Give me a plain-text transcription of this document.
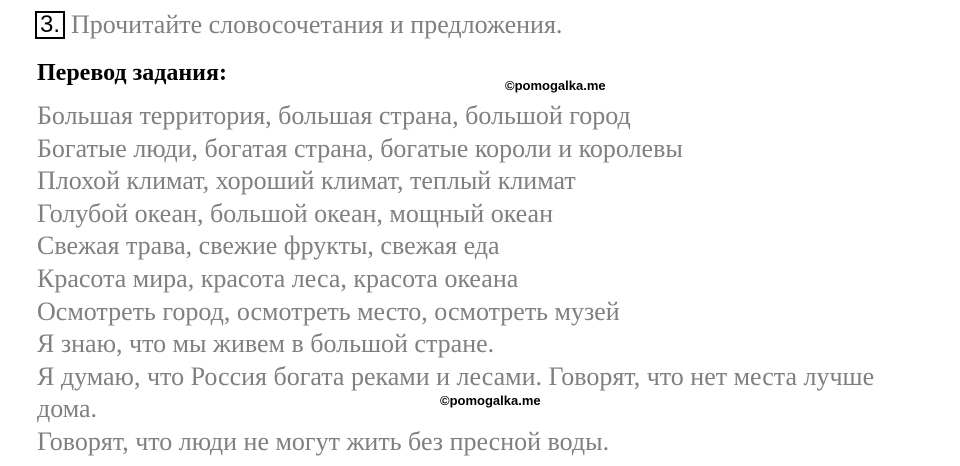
3. Прочитайте словосочетания и предложения.
Перевод задания:	©pomogalka.me
Большая территория, большая страна, большой город
Богатые люди, богатая страна, богатые короли и королевы
Плохой климат, хороший климат, теплый климат
Голубой океан, большой океан, мощный океан
Свежая трава, свежие фрукты, свежая еда
Красота мира, красота леса, красота океана
Осмотреть город, осмотреть место, осмотреть музей
Я знаю, что мы живем в большой стране.
Я думаю, что Россия богата реками и лесами. Говорят, что нет места лучше
дома.
Говорят, что люди не могут жить без пресной воды.
©pomogalka.me
